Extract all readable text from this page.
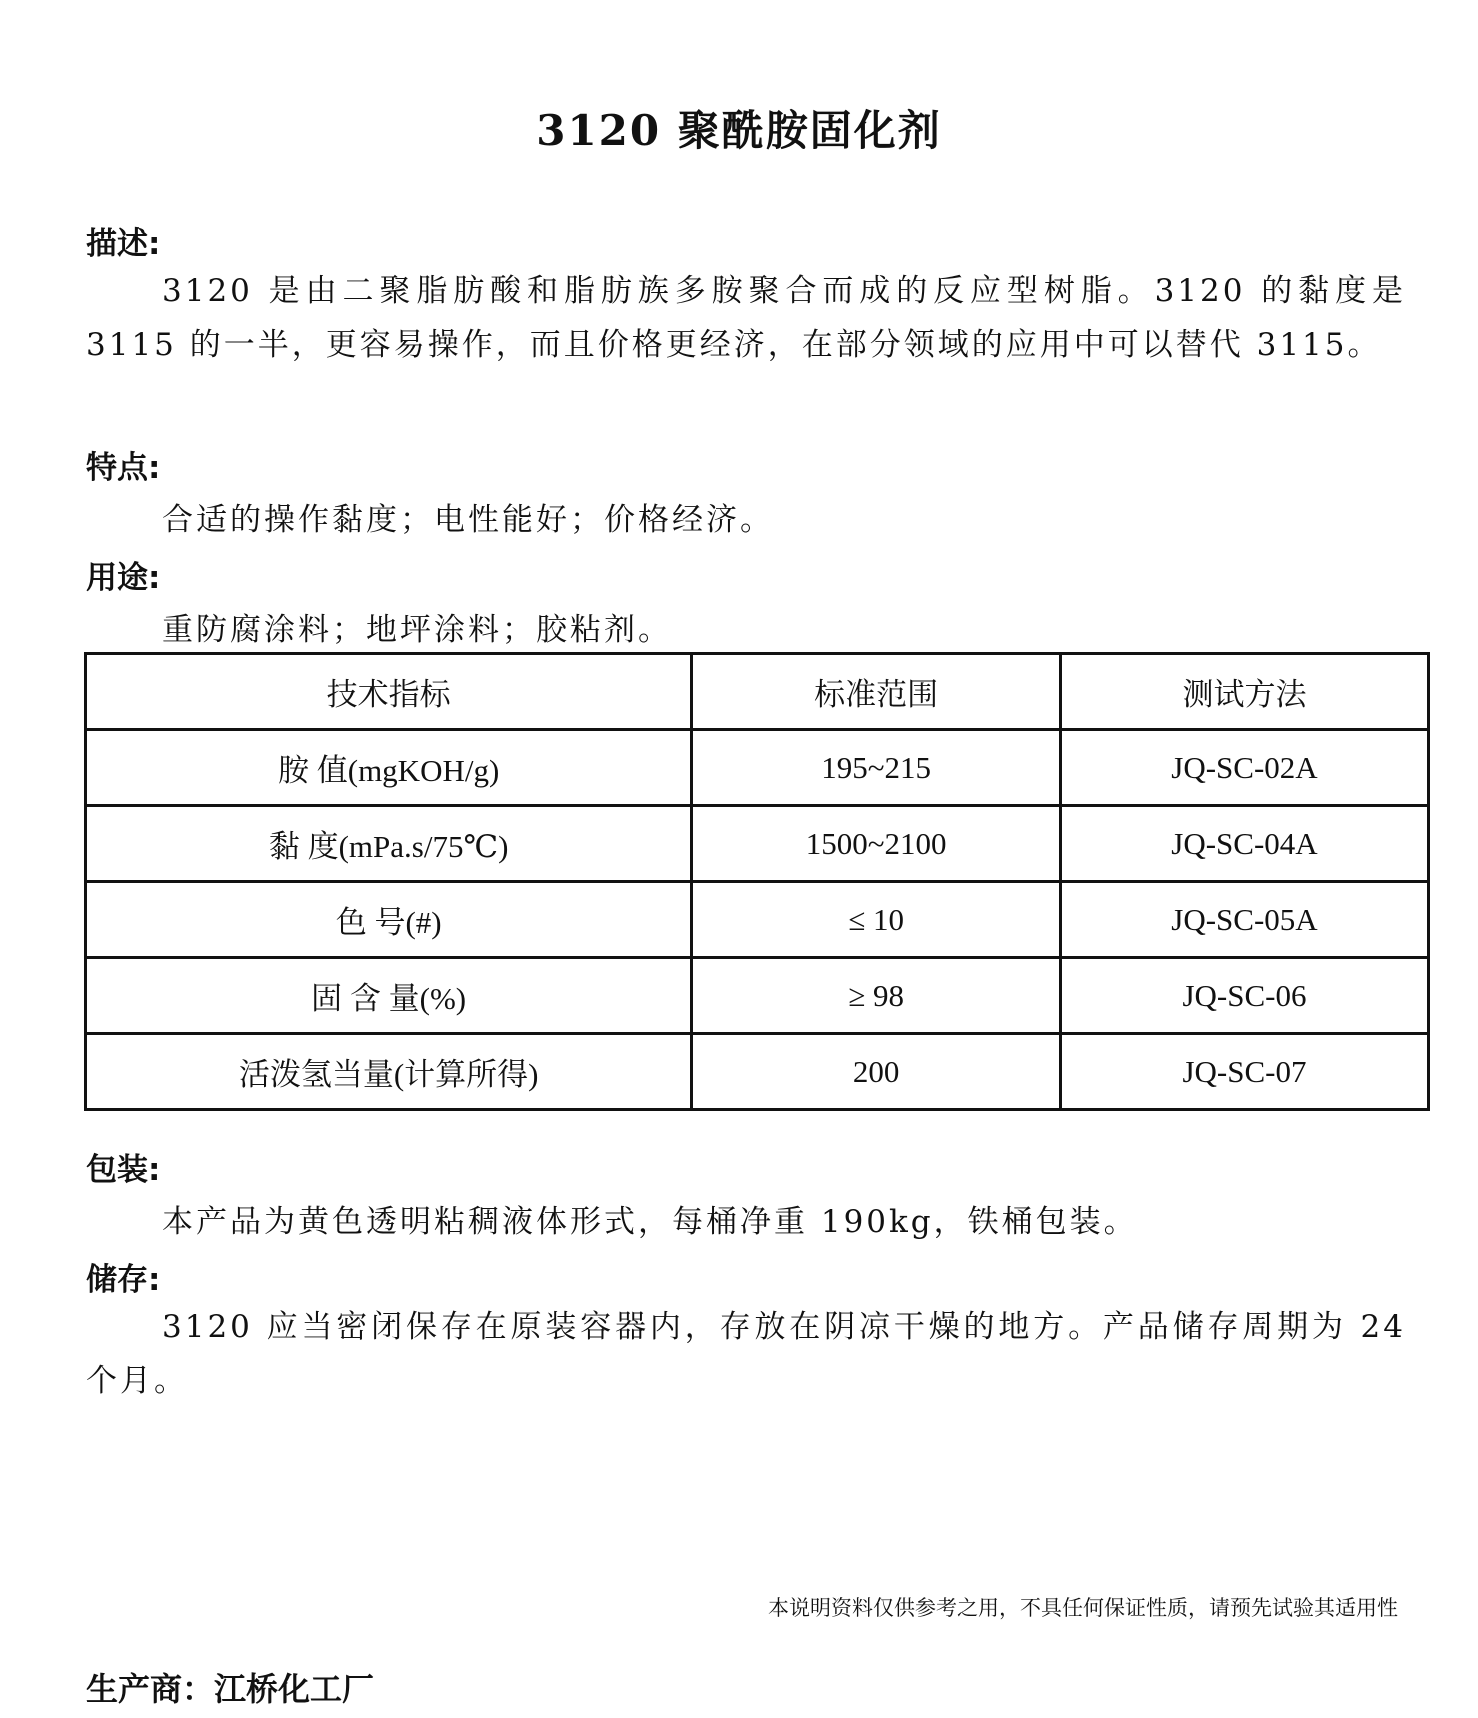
3120 聚酰胺固化剂
描述:
3120 是由二聚脂肪酸和脂肪族多胺聚合而成的反应型树脂。3120 的黏度是 3115 的一半，更容易操作，而且价格更经济，在部分领域的应用中可以替代 3115。
特点:
合适的操作黏度；电性能好；价格经济。
用途:
重防腐涂料；地坪涂料；胶粘剂。
技术指标	标准范围	测试方法
胺 值(mgKOH/g)	195~215	JQ-SC-02A
黏 度(mPa.s/75℃)	1500~2100	JQ-SC-04A
色 号(#)	≤ 10	JQ-SC-05A
固 含 量(%)	≥ 98	JQ-SC-06
活泼氢当量(计算所得)	200	JQ-SC-07
包装:
本产品为黄色透明粘稠液体形式，每桶净重 190kg，铁桶包装。
储存:
3120 应当密闭保存在原装容器内，存放在阴凉干燥的地方。产品储存周期为 24 个月。
本说明资料仅供参考之用，不具任何保证性质，请预先试验其适用性
生产商：江桥化工厂
